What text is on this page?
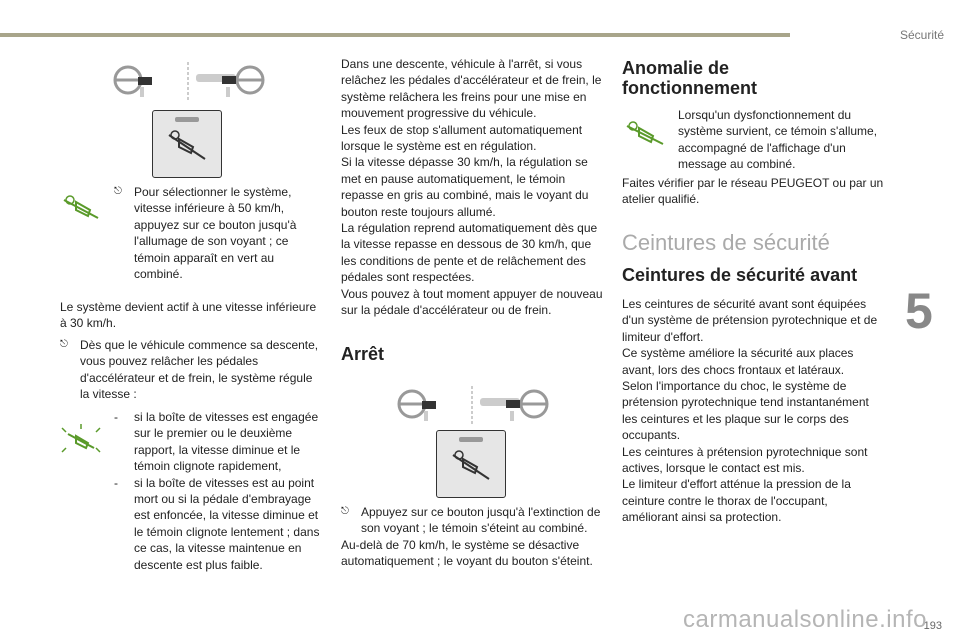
Sécurité
5
⎋ Pour sélectionner le système, vitesse inférieure à 50 km/h, appuyez sur ce bouton jusqu'à l'allumage de son voyant ; ce témoin apparaît en vert au combiné.

Le système devient actif à une vitesse inférieure à 30 km/h.

⎋ Dès que le véhicule commence sa descente, vous pouvez relâcher les pédales d'accélérateur et de frein, le système régule la vitesse :

- si la boîte de vitesses est engagée sur le premier ou le deuxième rapport, la vitesse diminue et le témoin clignote rapidement,

- si la boîte de vitesses est au point mort ou si la pédale d'embrayage est enfoncée, la vitesse diminue et le témoin clignote lentement ; dans ce cas, la vitesse maintenue en descente est plus faible.

Dans une descente, véhicule à l'arrêt, si vous relâchez les pédales d'accélérateur et de frein, le système relâchera les freins pour une mise en mouvement progressive du véhicule.

Les feux de stop s'allument automatiquement lorsque le système est en régulation.

Si la vitesse dépasse 30 km/h, la régulation se met en pause automatiquement, le témoin repasse en gris au combiné, mais le voyant du bouton reste toujours allumé.

La régulation reprend automatiquement dès que la vitesse repasse en dessous de 30 km/h, que les conditions de pente et de relâchement des pédales sont respectées.

Vous pouvez à tout moment appuyer de nouveau sur la pédale d'accélérateur ou de frein.

Arrêt
⎋ Appuyez sur ce bouton jusqu'à l'extinction de son voyant ; le témoin s'éteint au combiné.

Au-delà de 70 km/h, le système se désactive automatiquement ; le voyant du bouton s'éteint.

Anomalie de fonctionnement

Lorsqu'un dysfonctionnement du système survient, ce témoin s'allume, accompagné de l'affichage d'un message au combiné.

Faites vérifier par le réseau PEUGEOT ou par un atelier qualifié.

Ceintures de sécurité
Ceintures de sécurité avant

Les ceintures de sécurité avant sont équipées d'un système de prétension pyrotechnique et de limiteur d'effort.

Ce système améliore la sécurité aux places avant, lors des chocs frontaux et latéraux.

Selon l'importance du choc, le système de prétension pyrotechnique tend instantanément les ceintures et les plaque sur le corps des occupants.

Les ceintures à prétension pyrotechnique sont actives, lorsque le contact est mis.

Le limiteur d'effort atténue la pression de la ceinture contre le thorax de l'occupant, améliorant ainsi sa protection.

193
carmanualsonline.info
